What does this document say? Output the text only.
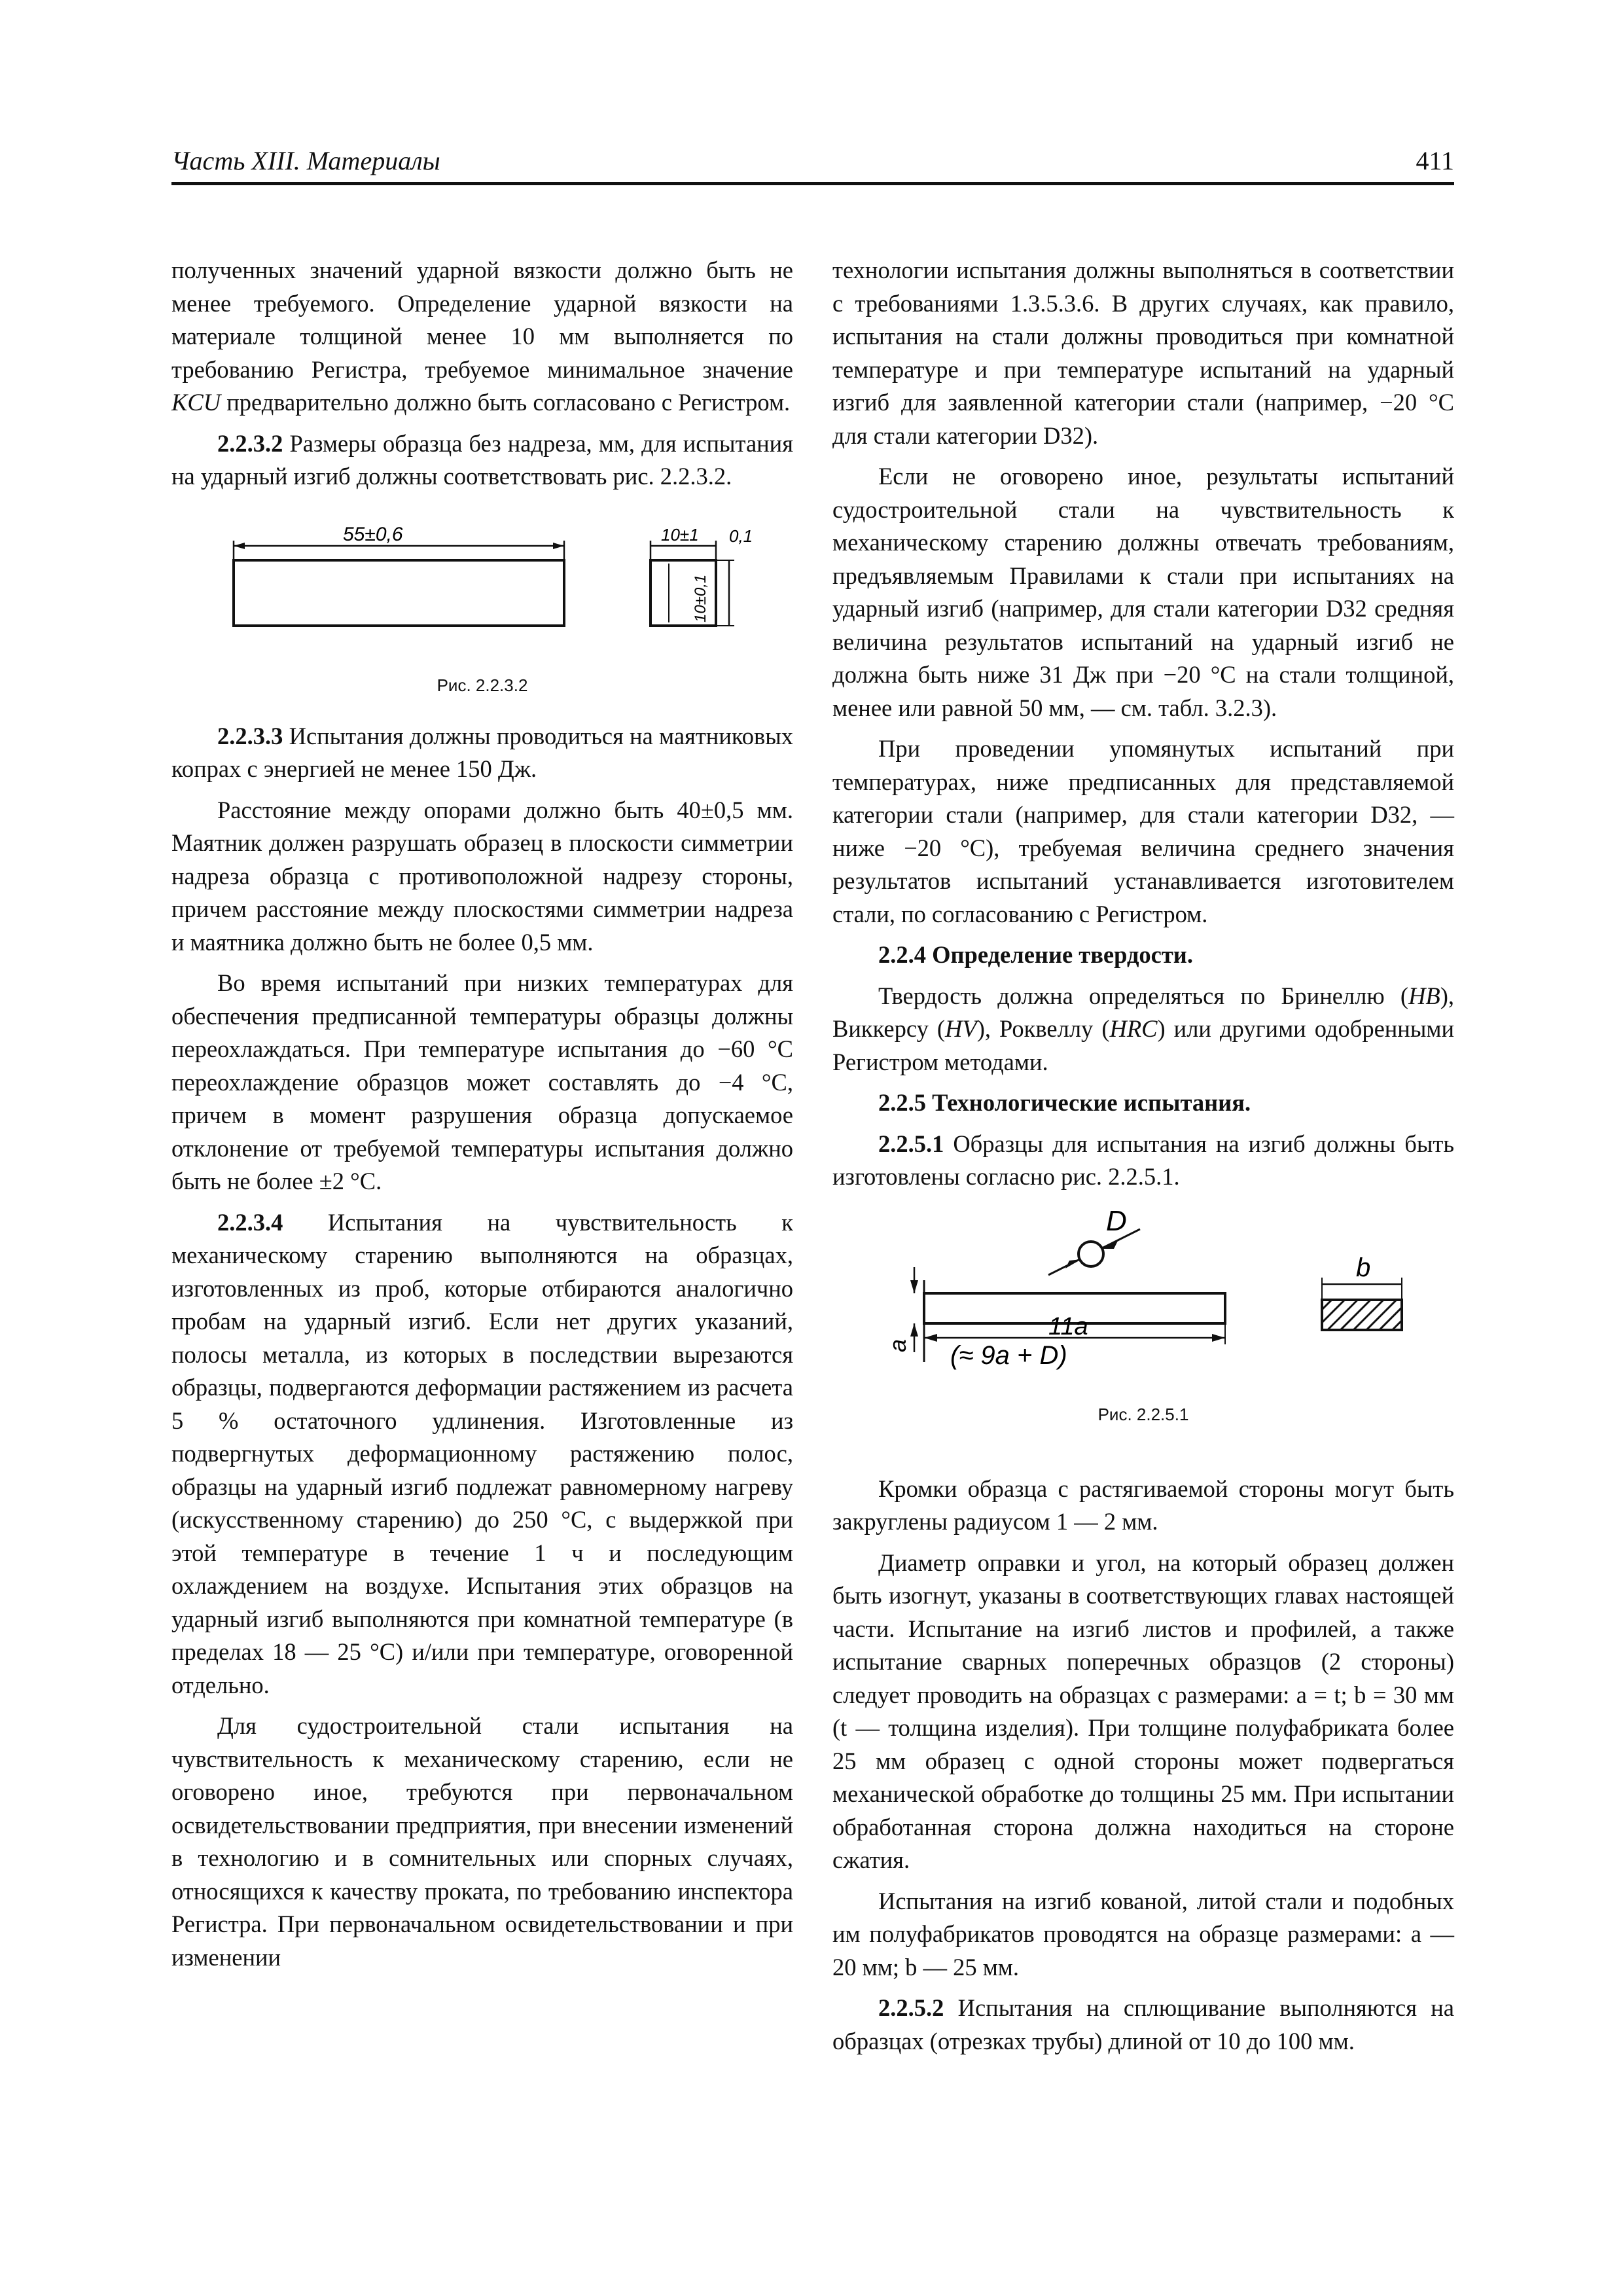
Часть XIII. Материалы	411

полученных значений ударной вязкости должно быть не менее требуемого. Определение ударной вязкости на материале толщиной менее 10 мм выполняется по требованию Регистра, требуемое минимальное значение KCU предварительно должно быть согласовано с Регистром.

2.2.3.2 Размеры образца без надреза, мм, для испытания на ударный изгиб должны соответствовать рис. 2.2.3.2.

55±0,6	10±1 0,1
10±0,1
Рис. 2.2.3.2

2.2.3.3 Испытания должны проводиться на маятниковых копрах с энергией не менее 150 Дж.

Расстояние между опорами должно быть 40±0,5 мм. Маятник должен разрушать образец в плоскости симметрии надреза образца с противоположной надрезу стороны, причем расстояние между плоскостями симметрии надреза и маятника должно быть не более 0,5 мм.

Во время испытаний при низких температурах для обеспечения предписанной температуры образцы должны переохлаждаться. При температуре испытания до −60 °С переохлаждение образцов может составлять до −4 °С, причем в момент разрушения образца допускаемое отклонение от требуемой температуры испытания должно быть не более ±2 °С.

2.2.3.4 Испытания на чувствительность к механическому старению выполняются на образцах, изготовленных из проб, которые отбираются аналогично пробам на ударный изгиб. Если нет других указаний, полосы металла, из которых в последствии вырезаются образцы, подвергаются деформации растяжением из расчета 5 % остаточного удлинения. Изготовленные из подвергнутых деформационному растяжению полос, образцы на ударный изгиб подлежат равномерному нагреву (искусственному старению) до 250 °С, с выдержкой при этой температуре в течение 1 ч и последующим охлаждением на воздухе. Испытания этих образцов на ударный изгиб выполняются при комнатной температуре (в пределах 18 — 25 °С) и/или при температуре, оговоренной отдельно.

Для судостроительной стали испытания на чувствительность к механическому старению, если не оговорено иное, требуются при первоначальном освидетельствовании предприятия, при внесении изменений в технологию и в сомнительных или спорных случаях, относящихся к качеству проката, по требованию инспектора Регистра. При первоначальном освидетельствовании и при изменении

технологии испытания должны выполняться в соответствии с требованиями 1.3.5.3.6. В других случаях, как правило, испытания на стали должны проводиться при комнатной температуре и при температуре испытаний на ударный изгиб для заявленной категории стали (например, −20 °С для стали категории D32).

Если не оговорено иное, результаты испытаний судостроительной стали на чувствительность к механическому старению должны отвечать требованиям, предъявляемым Правилами к стали при испытаниях на ударный изгиб (например, для стали категории D32 средняя величина результатов испытаний на ударный изгиб не должна быть ниже 31 Дж при −20 °С на стали толщиной, менее или равной 50 мм, — см. табл. 3.2.3).

При проведении упомянутых испытаний при температурах, ниже предписанных для представляемой категории стали (например, для стали категории D32, — ниже −20 °С), требуемая величина среднего значения результатов испытаний устанавливается изготовителем стали, по согласованию с Регистром.

2.2.4 Определение твердости.

Твердость должна определяться по Бринеллю (HB), Виккерсу (HV), Роквеллу (HRC) или другими одобренными Регистром методами.

2.2.5 Технологические испытания.

2.2.5.1 Образцы для испытания на изгиб должны быть изготовлены согласно рис. 2.2.5.1.

D
11a
(≈ 9a + D)
a
b
Рис. 2.2.5.1

Кромки образца с растягиваемой стороны могут быть закруглены радиусом 1 — 2 мм.

Диаметр оправки и угол, на который образец должен быть изогнут, указаны в соответствующих главах настоящей части. Испытание на изгиб листов и профилей, а также испытание сварных поперечных образцов (2 стороны) следует проводить на образцах с размерами: a = t; b = 30 мм (t — толщина изделия). При толщине полуфабриката более 25 мм образец с одной стороны может подвергаться механической обработке до толщины 25 мм. При испытании обработанная сторона должна находиться на стороне сжатия.

Испытания на изгиб кованой, литой стали и подобных им полуфабрикатов проводятся на образце размерами: a — 20 мм; b — 25 мм.

2.2.5.2 Испытания на сплющивание выполняются на образцах (отрезках трубы) длиной от 10 до 100 мм.
